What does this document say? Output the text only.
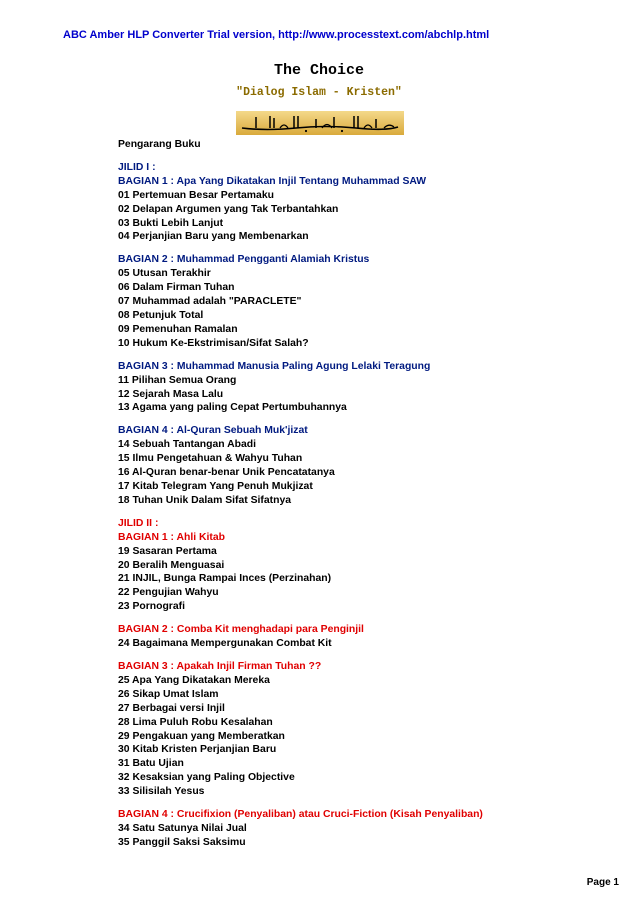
ABC Amber HLP Converter Trial version, http://www.processtext.com/abchlp.html
The Choice
"Dialog Islam - Kristen"
Pengarang Buku
JILID I :
BAGIAN 1 : Apa Yang Dikatakan Injil Tentang Muhammad SAW
01 Pertemuan Besar Pertamaku
02 Delapan Argumen yang Tak Terbantahkan
03 Bukti Lebih Lanjut
04 Perjanjian Baru yang Membenarkan
BAGIAN 2 : Muhammad Pengganti Alamiah Kristus
05 Utusan Terakhir
06 Dalam Firman Tuhan
07 Muhammad adalah "PARACLETE"
08 Petunjuk Total
09 Pemenuhan Ramalan
10 Hukum Ke-Ekstrimisan/Sifat Salah?
BAGIAN 3 : Muhammad Manusia Paling Agung Lelaki Teragung
11 Pilihan Semua Orang
12 Sejarah Masa Lalu
13 Agama yang paling Cepat Pertumbuhannya
BAGIAN 4 : Al-Quran Sebuah Muk'jizat
14 Sebuah Tantangan Abadi
15 Ilmu Pengetahuan & Wahyu Tuhan
16 Al-Quran benar-benar Unik Pencatatanya
17 Kitab Telegram Yang Penuh Mukjizat
18 Tuhan Unik Dalam Sifat Sifatnya
JILID II :
BAGIAN 1 : Ahli Kitab
19 Sasaran Pertama
20 Beralih Menguasai
21 INJIL, Bunga Rampai Inces (Perzinahan)
22 Pengujian Wahyu
23 Pornografi
BAGIAN 2 : Comba Kit menghadapi para Penginjil
24 Bagaimana Mempergunakan Combat Kit
BAGIAN 3 : Apakah Injil Firman Tuhan ??
25 Apa Yang Dikatakan Mereka
26 Sikap Umat Islam
27 Berbagai versi Injil
28 Lima Puluh Robu Kesalahan
29 Pengakuan yang Memberatkan
30 Kitab Kristen Perjanjian Baru
31 Batu Ujian
32 Kesaksian yang Paling Objective
33 Silisilah Yesus
BAGIAN 4 : Crucifixion (Penyaliban) atau Cruci-Fiction (Kisah Penyaliban)
34 Satu Satunya Nilai Jual
35 Panggil Saksi Saksimu
Page 1
